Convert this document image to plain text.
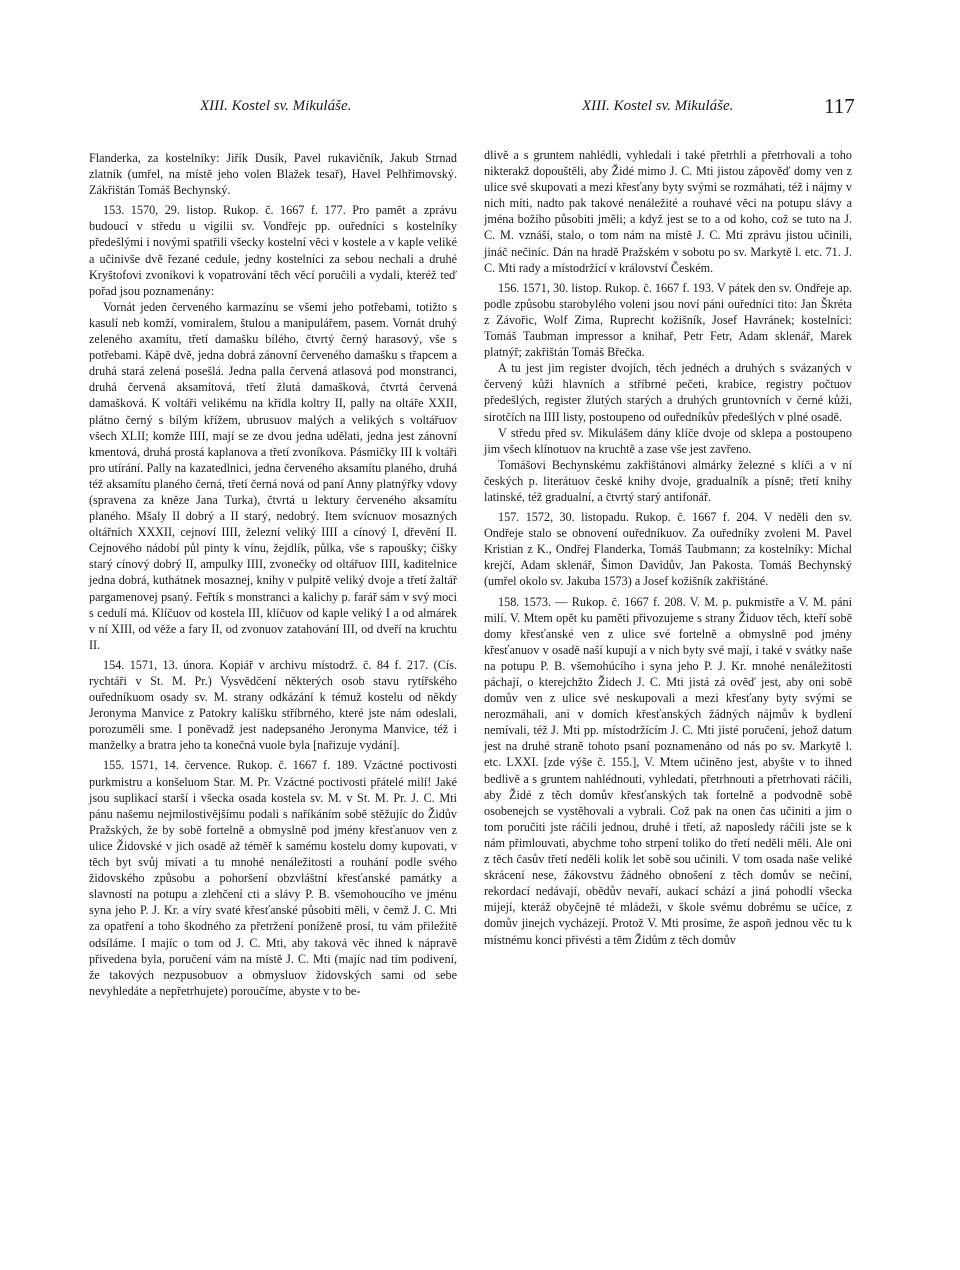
XIII. Kostel sv. Mikuláše.	XIII. Kostel sv. Mikuláše.	117

Flanderka, za kostelníky: Jiřík Dusík, Pavel rukavičník, Jakub Strnad zlatník (umřel, na místě jeho volen Blažek tesař), Havel Pelhřimovský. Zákřištán Tomáš Bechynský.

153. 1570, 29. listop. Rukop. č. 1667 f. 177. Pro pamět a zprávu budoucí v středu u vigilii sv. Vondřejc pp. ouředníci s kostelníky předešlými i novými spatřili všecky kostelní věci v kostele a v kaple veliké a učinivše dvě řezané cedule, jedny kostelníci za sebou nechali a druhé Kryštofovi zvoníkovi k vopatrování těch věcí poručili a vydali, kteréž teď pořad jsou poznamenány:

Vornát jeden červeného karmazínu se všemi jeho potřebami, totižto s kasulí neb komží, vomiralem, štulou a manipulářem, pasem. Vornát druhý zeleného axamítu, třetí damašku bílého, čtvrtý černý harasový, vše s potřebami. Kápě dvě, jedna dobrá zánovní červeného damašku s třapcem a druhá stará zelená posešlá. Jedna palla červená atlasová pod monstranci, druhá červená aksamítová, třetí žlutá damašková, čtvrtá červená damašková. K voltáři velikému na křídla koltry II, pally na oltáře XXII, plátno černý s bílým křížem, ubrusuov malých a velikých s voltářuov všech XLII; komže IIII, mají se ze dvou jedna udělati, jedna jest zánovní kmentová, druhá prostá kaplanova a třetí zvoníkova. Pásmičky III k voltáři pro utírání. Pally na kazatedlnici, jedna červeného aksamítu planého, druhá též aksamítu planého černá, třetí černá nová od paní Anny platnýřky vdovy (spravena za kněze Jana Turka), čtvrtá u lektury červeného aksamítu planého. Mšaly II dobrý a II starý, nedobrý. Item svícnuov mosazných oltářních XXXII, cejnoví IIII, železní veliký IIII a cínový I, dřevění II. Cejnového nádobí půl pinty k vínu, žejdlík, půlka, vše s rapoušky; čišky starý cínový dobrý II, ampulky IIII, zvonečky od oltářuov IIII, kaditelnice jedna dobrá, kuthátnek mosaznej, knihy v pulpitě veliký dvoje a třetí žaltář pargamenovej psaný. Feřtík s monstranci a kalichy p. farář sám v svý moci s cedulí má. Klíčuov od kostela III, klíčuov od kaple veliký I a od almárek v ní XIII, od věže a fary II, od zvonuov zatahování III, od dveří na kruchtu II.

154. 1571, 13. února. Kopiář v archivu místodrž. č. 84 f. 217. (Cís. rychtáři v St. M. Pr.) Vysvědčení některých osob stavu rytířského ouředníkuom osady sv. M. strany odkázání k témuž kostelu od někdy Jeronyma Manvice z Patokry kalíšku stříbrného, které jste nám odeslali, porozuměli sme. I poněvadž jest nadepsaného Jeronyma Manvice, též i manželky a bratra jeho ta konečná vuole byla [nařizuje vydání].

155. 1571, 14. července. Rukop. č. 1667 f. 189. Vzáctné poctivosti purkmistru a konšeluom Star. M. Pr. Vzáctné poctivosti přátelé milí! Jaké jsou suplikací starší i všecka osada kostela sv. M. v St. M. Pr. J. C. Mti pánu našemu nejmilostivějšímu podali s naříkáním sobě stěžujíc do Židův Pražských, že by sobě fortelně a obmyslně pod jmény křesťanuov ven z ulice Židovské v jich osadě až téměř k samému kostelu domy kupovati, v těch byt svůj mívati a tu mnohé nenáležitosti a rouhání podle svého židovského způsobu a pohoršení obzvláštní křesťanské památky a slavností na potupu a zlehčení cti a slávy P. B. všemohoucího ve jménu syna jeho P. J. Kr. a víry svaté křesťanské působiti měli, v čemž J. C. Mti za opatření a toho škodného za přetržení poníženě prosí, tu vám přiležitě odsíláme. I majíc o tom od J. C. Mti, aby taková věc ihned k nápravě přivedena byla, poručení vám na místě J. C. Mti (majíc nad tím podivení, že takových nezpusobuov a obmysluov židovských sami od sebe nevyhledáte a nepřetrhujete) poroučíme, abyste v to be-

dlivě a s gruntem nahlédli, vyhledali i také přetrhli a přetrhovali a toho nikterakž dopouštěli, aby Židé mimo J. C. Mti jistou zápověď domy ven z ulice své skupovati a mezi křesťany byty svými se rozmáhati, též i nájmy v nich míti, nadto pak takové nenáležité a rouhavé věci na potupu slávy a jména božího působiti jměli; a když jest se to a od koho, což se tuto na J. C. M. vznáší, stalo, o tom nám na místě J. C. Mti zprávu jistou učinili, jináč nečiníc. Dán na hradě Pražském v sobotu po sv. Markytě l. etc. 71. J. C. Mti rady a místodržící v království Českém.

156. 1571, 30. listop. Rukop. č. 1667 f. 193. V pátek den sv. Ondřeje ap. podle způsobu starobylého voleni jsou noví páni ouředníci tito: Jan Škréta z Závořic, Wolf Zima, Ruprecht kožišník, Josef Havránek; kostelníci: Tomáš Taubman impressor a knihař, Petr Fetr, Adam sklenář, Marek platnýř; zakřištán Tomáš Břečka.

A tu jest jim register dvojích, těch jednéch a druhých s svázaných v červený kůži hlavních a stříbrné pečeti, krabice, registry počtuov předešlých, register žlutých starých a druhých gruntovních v černé kůži, sirotčích na IIII listy, postoupeno od ouředníkův předešlých v plné osadě.

V středu před sv. Mikulášem dány klíče dvoje od sklepa a postoupeno jim všech klínotuov na kruchtě a zase vše jest zavřeno.

Tomášovi Bechynskému zakřištánovi almárky železné s klíči a v ní českých p. literátuov české knihy dvoje, gradualník a písně; třetí knihy latinské, též gradualní, a čtvrtý starý antifonář.

157. 1572, 30. listopadu. Rukop. č. 1667 f. 204. V neděli den sv. Ondřeje stalo se obnovení ouředníkuov. Za ouředníky zvoleni M. Pavel Kristian z K., Ondřej Flanderka, Tomáš Taubmann; za kostelníky: Michal krejčí, Adam sklenář, Šimon Davidův, Jan Pakosta. Tomáš Bechynský (umřel okolo sv. Jakuba 1573) a Josef kožišník zakřištáné.

158. 1573. — Rukop. č. 1667 f. 208. V. M. p. pukmistře a V. M. páni milí. V. Mtem opět ku paměti přivozujeme s strany Židuov těch, kteří sobě domy křesťanské ven z ulice své fortelně a obmyslně pod jmény křesťanuov v osadě naší kupují a v nich byty své mají, i také v svátky naše na potupu P. B. všemohúcího i syna jeho P. J. Kr. mnohé nenáležitosti páchají, o kterejchžto Židech J. C. Mti jistá zá ověď jest, aby oni sobě domův ven z ulice své neskupovali a mezi křesťany byty svými se nerozmáhali, ani v domích křesťanských žádných nájmův k bydlení nemívali, též J. Mti pp. místodržícím J. C. Mti jisté poručení, jehož datum jest na druhé straně tohoto psaní poznamenáno od nás po sv. Markytě l. etc. LXXI. [zde výše č. 155.], V. Mtem učiněno jest, abyšte v to ihned bedlivě a s gruntem nahlédnouti, vyhledati, přetrhnouti a přetrhovati ráčili, aby Židé z těch domův křesťanských tak fortelně a podvodně sobě osobenejch se vystěhovali a vybrali. Což pak na onen čas učiniti a jim o tom poručiti jste ráčili jednou, druhé i třetí, až naposledy ráčili jste se k nám přimlouvati, abychme toho strpení toliko do třetí neděli měli. Ale oni z těch časův třetí neděli kolik let sobě sou učinili. V tom osada naše veliké skrácení nese, žákovstvu žádného obnošení z těch domův se nečiní, rekordací nedávají, obědův nevaří, aukací schází a jiná pohodlí všecka mijejí, kteráž obyčejně té mládeži, v škole svému dobrému se učíce, z domův jinejch vycházejí. Protož V. Mti prosíme, že aspoň jednou věc tu k místnému konci přivésti a těm Židům z těch domův
